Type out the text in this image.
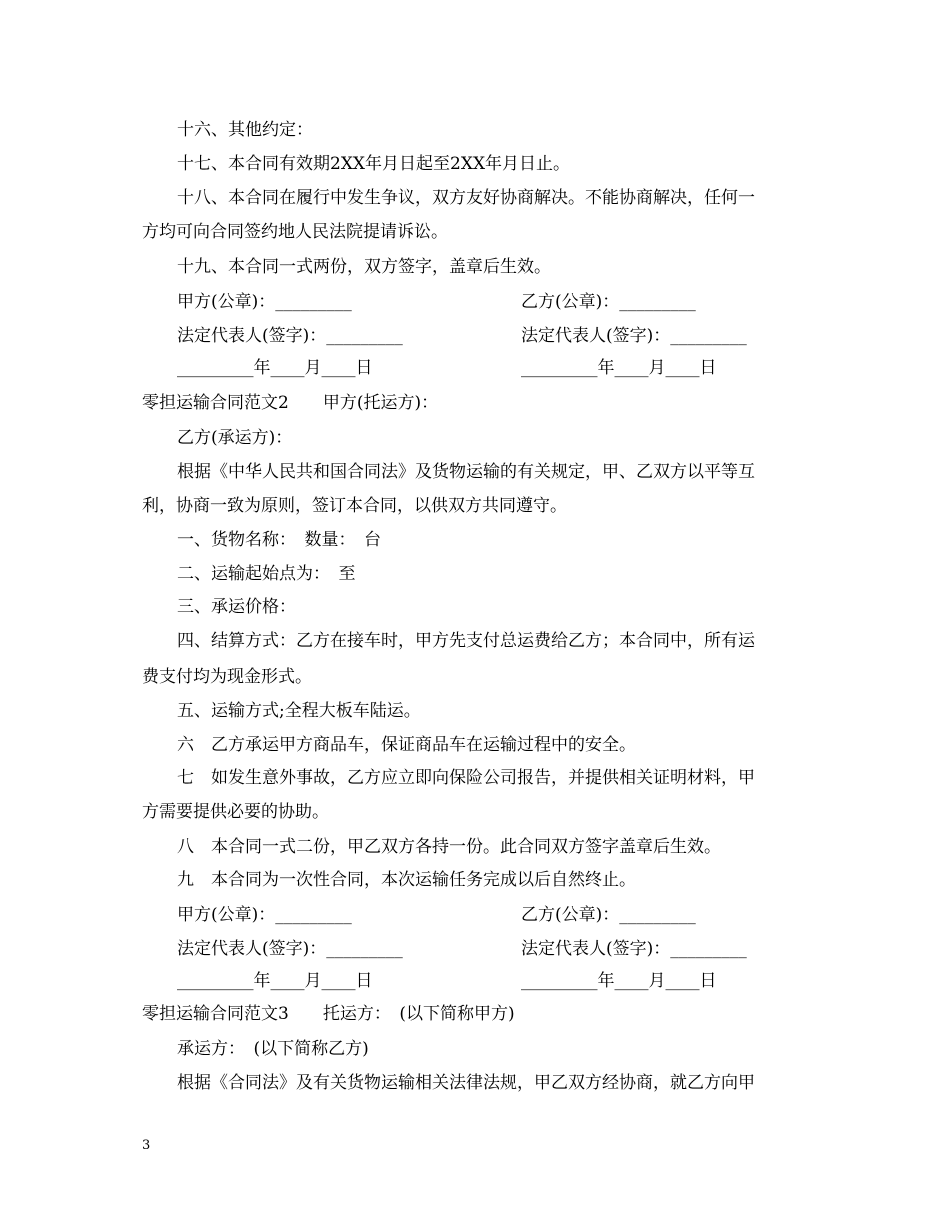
十六、其他约定：
十七、本合同有效期2XX年月日起至2XX年月日止。
十八、本合同在履行中发生争议，双方友好协商解决。不能协商解决，任何一
方均可向合同签约地人民法院提请诉讼。
十九、本合同一式两份，双方签字，盖章后生效。
甲方(公章)：_________	乙方(公章)：_________
法定代表人(签字)：_________	法定代表人(签字)：_________
_________年____月____日	_________年____月____日
零担运输合同范文2　　甲方(托运方)：
乙方(承运方)：
根据《中华人民共和国合同法》及货物运输的有关规定，甲、乙双方以平等互
利，协商一致为原则，签订本合同，以供双方共同遵守。
一、货物名称：　数量：　台
二、运输起始点为：　至
三、承运价格：
四、结算方式：乙方在接车时，甲方先支付总运费给乙方；本合同中，所有运
费支付均为现金形式。
五、运输方式;全程大板车陆运。
六　乙方承运甲方商品车，保证商品车在运输过程中的安全。
七　如发生意外事故，乙方应立即向保险公司报告，并提供相关证明材料，甲
方需要提供必要的协助。
八　本合同一式二份，甲乙双方各持一份。此合同双方签字盖章后生效。
九　本合同为一次性合同，本次运输任务完成以后自然终止。
甲方(公章)：_________	乙方(公章)：_________
法定代表人(签字)：_________	法定代表人(签字)：_________
_________年____月____日	_________年____月____日
零担运输合同范文3　　托运方：　(以下简称甲方)
承运方：　(以下简称乙方)
根据《合同法》及有关货物运输相关法律法规，甲乙双方经协商，就乙方向甲
3
